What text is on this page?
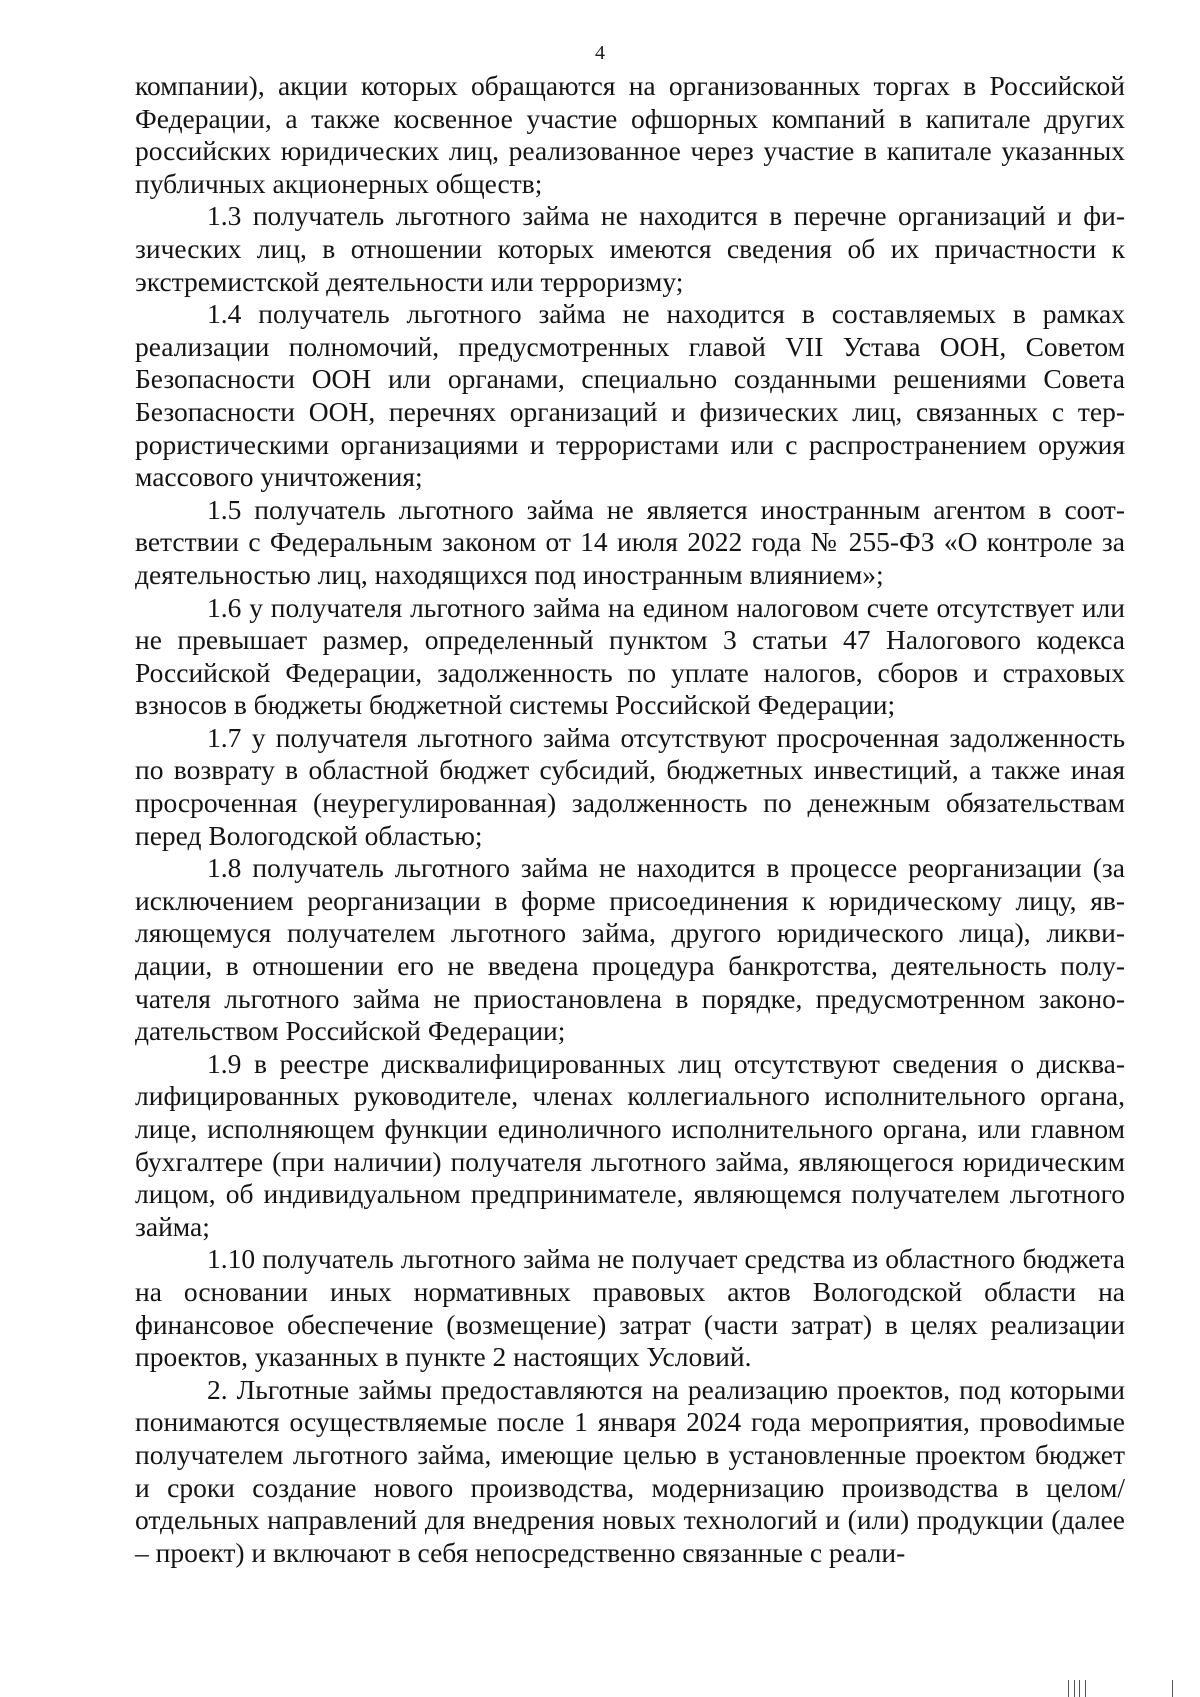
4

компании), акции которых обращаются на организованных торгах в Российской Федерации, а также косвенное участие офшорных компаний в капитале других российских юридических лиц, реализованное через участие в капитале указанных публичных акционерных обществ;

1.3 получатель льготного займа не находится в перечне организаций и физических лиц, в отношении которых имеются сведения об их причастности к экстремистской деятельности или терроризму;

1.4 получатель льготного займа не находится в составляемых в рамках реализации полномочий, предусмотренных главой VII Устава ООН, Советом Безопасности ООН или органами, специально созданными решениями Совета Безопасности ООН, перечнях организаций и физических лиц, связанных с террористическими организациями и террористами или с распространением оружия массового уничтожения;

1.5 получатель льготного займа не является иностранным агентом в соответствии с Федеральным законом от 14 июля 2022 года № 255-ФЗ «О контроле за деятельностью лиц, находящихся под иностранным влиянием»;

1.6 у получателя льготного займа на едином налоговом счете отсутствует или не превышает размер, определенный пунктом 3 статьи 47 Налогового кодекса Российской Федерации, задолженность по уплате налогов, сборов и страховых взносов в бюджеты бюджетной системы Российской Федерации;

1.7 у получателя льготного займа отсутствуют просроченная задолженность по возврату в областной бюджет субсидий, бюджетных инвестиций, а также иная просроченная (неурегулированная) задолженность по денежным обязательствам перед Вологодской областью;

1.8 получатель льготного займа не находится в процессе реорганизации (за исключением реорганизации в форме присоединения к юридическому лицу, являющемуся получателем льготного займа, другого юридического лица), ликвидации, в отношении его не введена процедура банкротства, деятельность получателя льготного займа не приостановлена в порядке, предусмотренном законодательством Российской Федерации;

1.9 в реестре дисквалифицированных лиц отсутствуют сведения о дисквалифицированных руководителе, членах коллегиального исполнительного органа, лице, исполняющем функции единоличного исполнительного органа, или главном бухгалтере (при наличии) получателя льготного займа, являющегося юридическим лицом, об индивидуальном предпринимателе, являющемся получателем льготного займа;

1.10 получатель льготного займа не получает средства из областного бюджета на основании иных нормативных правовых актов Вологодской области на финансовое обеспечение (возмещение) затрат (части затрат) в целях реализации проектов, указанных в пункте 2 настоящих Условий.

2. Льготные займы предоставляются на реализацию проектов, под которыми понимаются осуществляемые после 1 января 2024 года мероприятия, провоdимые получателем льготного займа, имеющие целью в установленные проектом бюджет и сроки создание нового производства, модернизацию производства в целом/отдельных направлений для внедрения новых технологий и (или) продукции (далее – проект) и включают в себя непосредственно связанные с реали-
